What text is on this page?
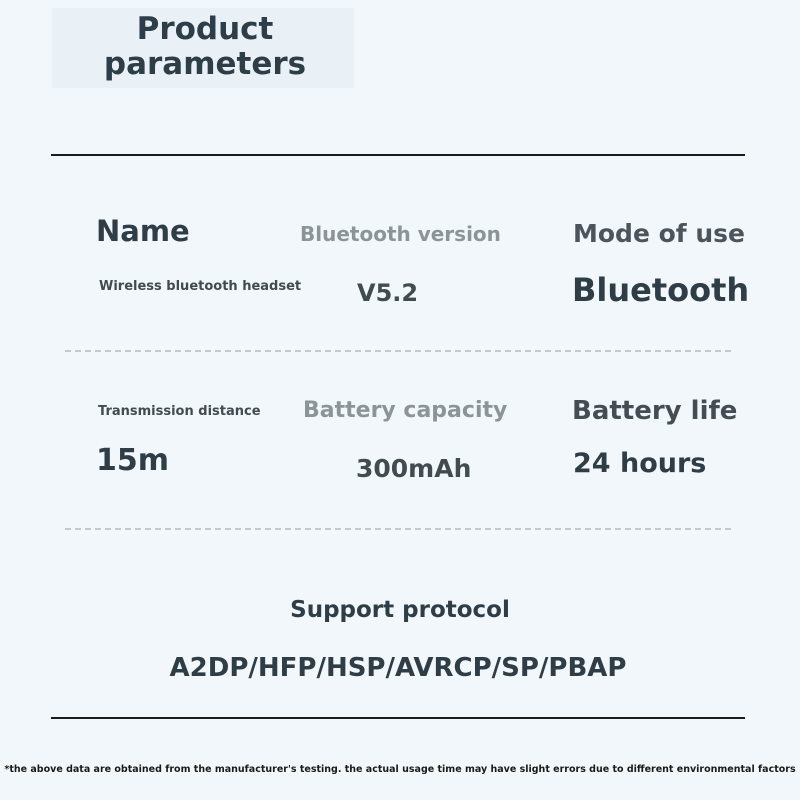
Product parameters
Name
Wireless bluetooth headset
Bluetooth version
V5.2
Mode of use
Bluetooth
Transmission distance
15m
Battery capacity
300mAh
Battery life
24 hours
Support protocol
A2DP/HFP/HSP/AVRCP/SP/PBAP
*the above data are obtained from the manufacturer's testing. the actual usage time may have slight errors due to different environmental factors
